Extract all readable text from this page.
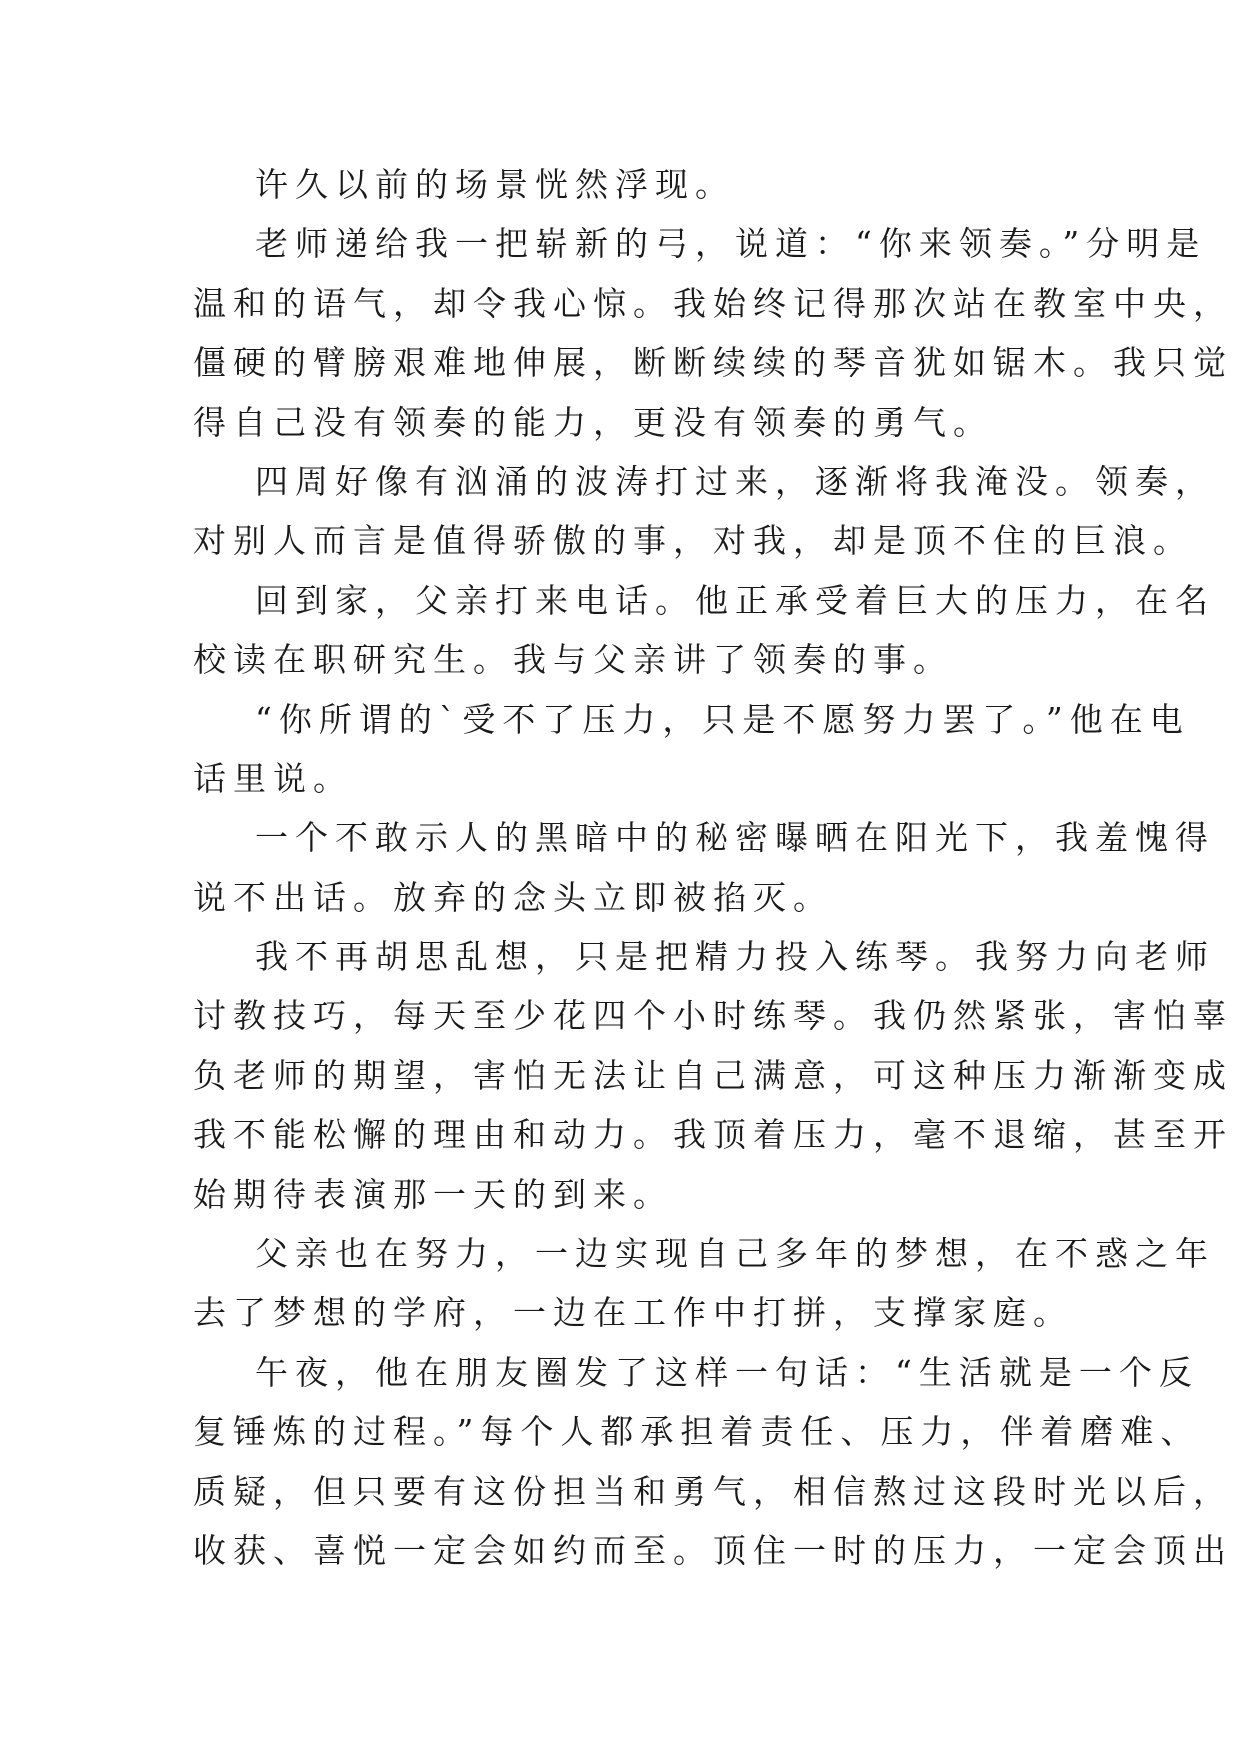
许久以前的场景恍然浮现。
老师递给我一把崭新的弓，说道：“你来领奏。”分明是
温和的语气，却令我心惊。我始终记得那次站在教室中央，
僵硬的臂膀艰难地伸展，断断续续的琴音犹如锯木。我只觉
得自己没有领奏的能力，更没有领奏的勇气。
四周好像有汹涌的波涛打过来，逐渐将我淹没。领奏，
对别人而言是值得骄傲的事，对我，却是顶不住的巨浪。
回到家，父亲打来电话。他正承受着巨大的压力，在名
校读在职研究生。我与父亲讲了领奏的事。
“你所谓的`受不了压力，只是不愿努力罢了。”他在电
话里说。
一个不敢示人的黑暗中的秘密曝晒在阳光下，我羞愧得
说不出话。放弃的念头立即被掐灭。
我不再胡思乱想，只是把精力投入练琴。我努力向老师
讨教技巧，每天至少花四个小时练琴。我仍然紧张，害怕辜
负老师的期望，害怕无法让自己满意，可这种压力渐渐变成
我不能松懈的理由和动力。我顶着压力，毫不退缩，甚至开
始期待表演那一天的到来。
父亲也在努力，一边实现自己多年的梦想，在不惑之年
去了梦想的学府，一边在工作中打拼，支撑家庭。
午夜，他在朋友圈发了这样一句话：“生活就是一个反
复锤炼的过程。”每个人都承担着责任、压力，伴着磨难、
质疑，但只要有这份担当和勇气，相信熬过这段时光以后，
收获、喜悦一定会如约而至。顶住一时的压力，一定会顶出
